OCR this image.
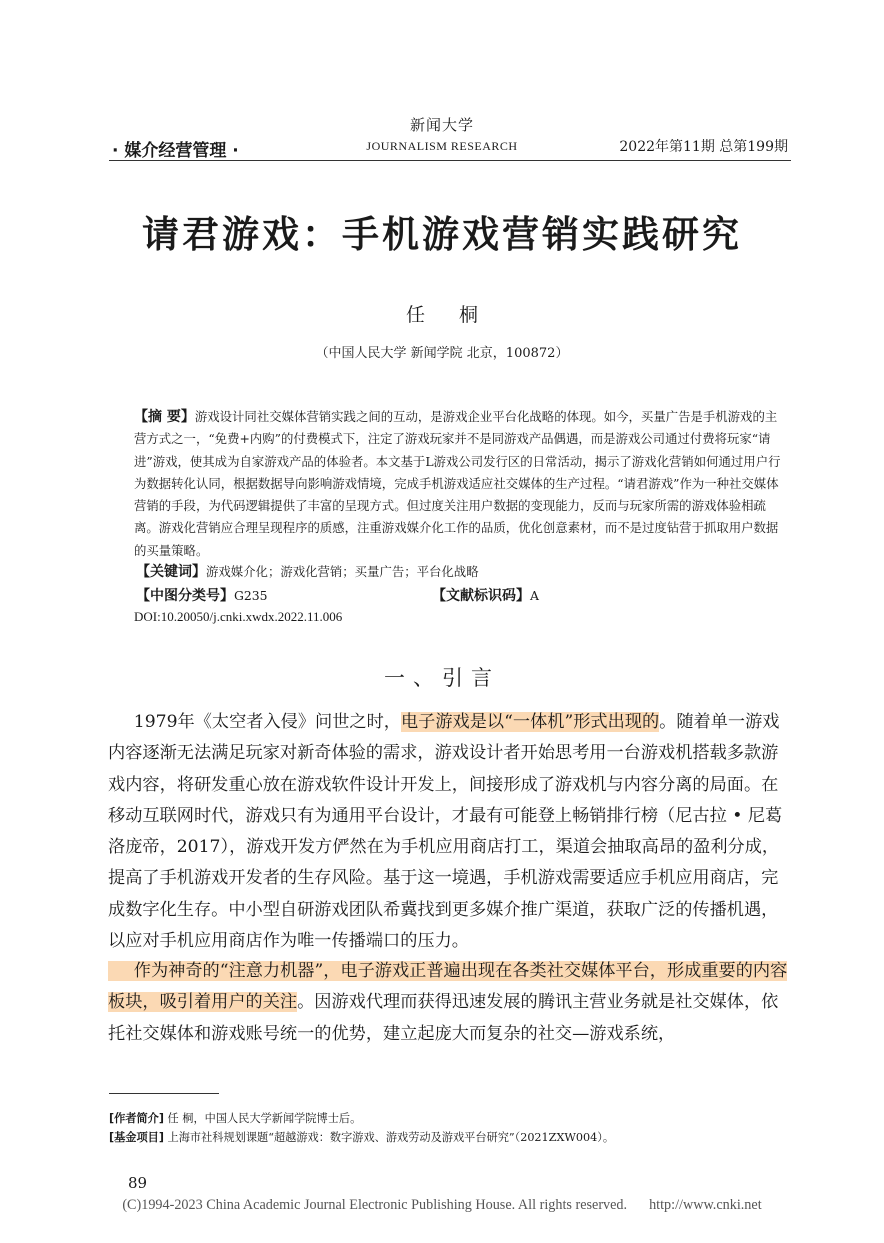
新闻大学
JOURNALISM RESEARCH
· 媒介经营管理 ·	2022年第11期 总第199期
请君游戏：手机游戏营销实践研究
任 桐
（中国人民大学 新闻学院 北京，100872）
【摘 要】游戏设计同社交媒体营销实践之间的互动，是游戏企业平台化战略的体现。如今，买量广告是手机游戏的主营方式之一，“免费+内购”的付费模式下，注定了游戏玩家并不是同游戏产品偶遇，而是游戏公司通过付费将玩家“请进”游戏，使其成为自家游戏产品的体验者。本文基于L游戏公司发行区的日常活动，揭示了游戏化营销如何通过用户行为数据转化认同，根据数据导向影响游戏情境，完成手机游戏适应社交媒体的生产过程。“请君游戏”作为一种社交媒体营销的手段，为代码逻辑提供了丰富的呈现方式。但过度关注用户数据的变现能力，反而与玩家所需的游戏体验相疏离。游戏化营销应合理呈现程序的质感，注重游戏媒介化工作的品质，优化创意素材，而不是过度钻营于抓取用户数据的买量策略。
【关键词】游戏媒介化；游戏化营销；买量广告；平台化战略
【中图分类号】G235	【文献标识码】A
DOI:10.20050/j.cnki.xwdx.2022.11.006
一、引言
  1979年《太空者入侵》问世之时，电子游戏是以“一体机”形式出现的。随着单一游戏内容逐渐无法满足玩家对新奇体验的需求，游戏设计者开始思考用一台游戏机搭载多款游戏内容，将研发重心放在游戏软件设计开发上，间接形成了游戏机与内容分离的局面。在移动互联网时代，游戏只有为通用平台设计，才最有可能登上畅销排行榜（尼古拉 • 尼葛洛庞帝，2017），游戏开发方俨然在为手机应用商店打工，渠道会抽取高昂的盈利分成，提高了手机游戏开发者的生存风险。基于这一境遇，手机游戏需要适应手机应用商店，完成数字化生存。中小型自研游戏团队希冀找到更多媒介推广渠道，获取广泛的传播机遇，以应对手机应用商店作为唯一传播端口的压力。
  作为神奇的“注意力机器”，电子游戏正普遍出现在各类社交媒体平台，形成重要的内容板块，吸引着用户的关注。因游戏代理而获得迅速发展的腾讯主营业务就是社交媒体，依托社交媒体和游戏账号统一的优势，建立起庞大而复杂的社交—游戏系统，
[作者简介] 任 桐，中国人民大学新闻学院博士后。
[基金项目] 上海市社科规划课题“超越游戏：数字游戏、游戏劳动及游戏平台研究”（2021ZXW004）。
89
(C)1994-2023 China Academic Journal Electronic Publishing House. All rights reserved. http://www.cnki.net
